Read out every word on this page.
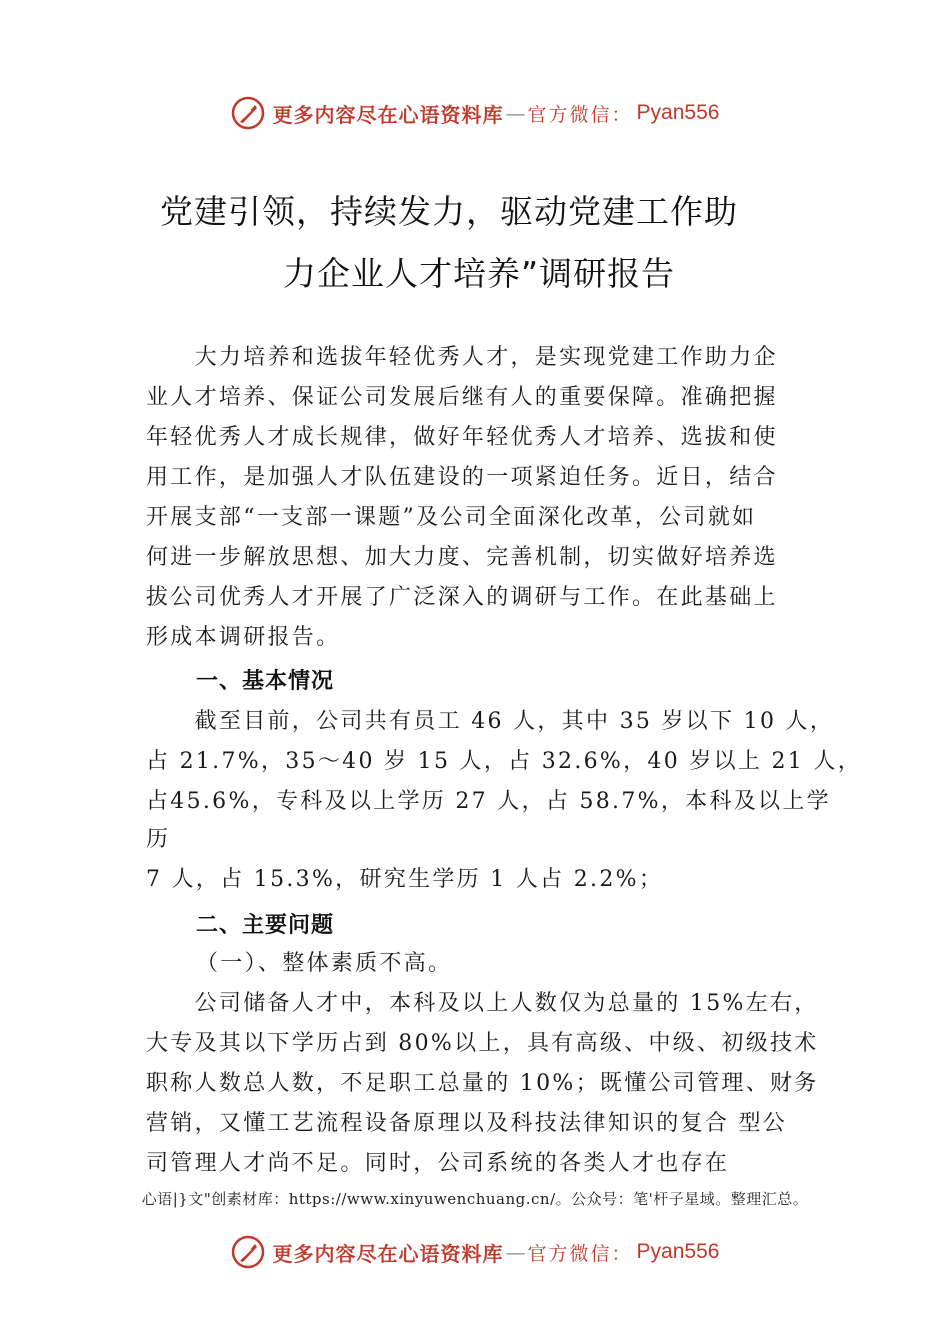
更多内容尽在心语资料库 — 官方微信： Pyan556
党建引领，持续发力，驱动党建工作助
力企业人才培养”调研报告
　　大力培养和选拔年轻优秀人才，是实现党建工作助力企
业人才培养、保证公司发展后继有人的重要保障。准确把握
年轻优秀人才成长规律，做好年轻优秀人才培养、选拔和使
用工作，是加强人才队伍建设的一项紧迫任务。近日，结合
开展支部“一支部一课题”及公司全面深化改革，公司就如
何进一步解放思想、加大力度、完善机制，切实做好培养选
拔公司优秀人才开展了广泛深入的调研与工作。在此基础上
形成本调研报告。
一、基本情况
　　截至目前，公司共有员工 46 人，其中 35 岁以下 10 人，
占 21.7%，35～40 岁 15 人，占 32.6%，40 岁以上 21 人，
占45.6%，专科及以上学历 27 人，占 58.7%，本科及以上学
历
7 人，占 15.3%，研究生学历 1 人占 2.2%；
二、主要问题
（一）、整体素质不高。
　　公司储备人才中，本科及以上人数仅为总量的 15%左右，
大专及其以下学历占到 80%以上，具有高级、中级、初级技术
职称人数总人数，不足职工总量的 10%；既懂公司管理、财务
营销，又懂工艺流程设备原理以及科技法律知识的复合 型公
司管理人才尚不足。同时，公司系统的各类人才也存在
心语|}文"创素材库：https://www.xinyuwenchuang.cn/。公众号：笔'杆子星域。整理汇总。
更多内容尽在心语资料库 — 官方微信： Pyan556
